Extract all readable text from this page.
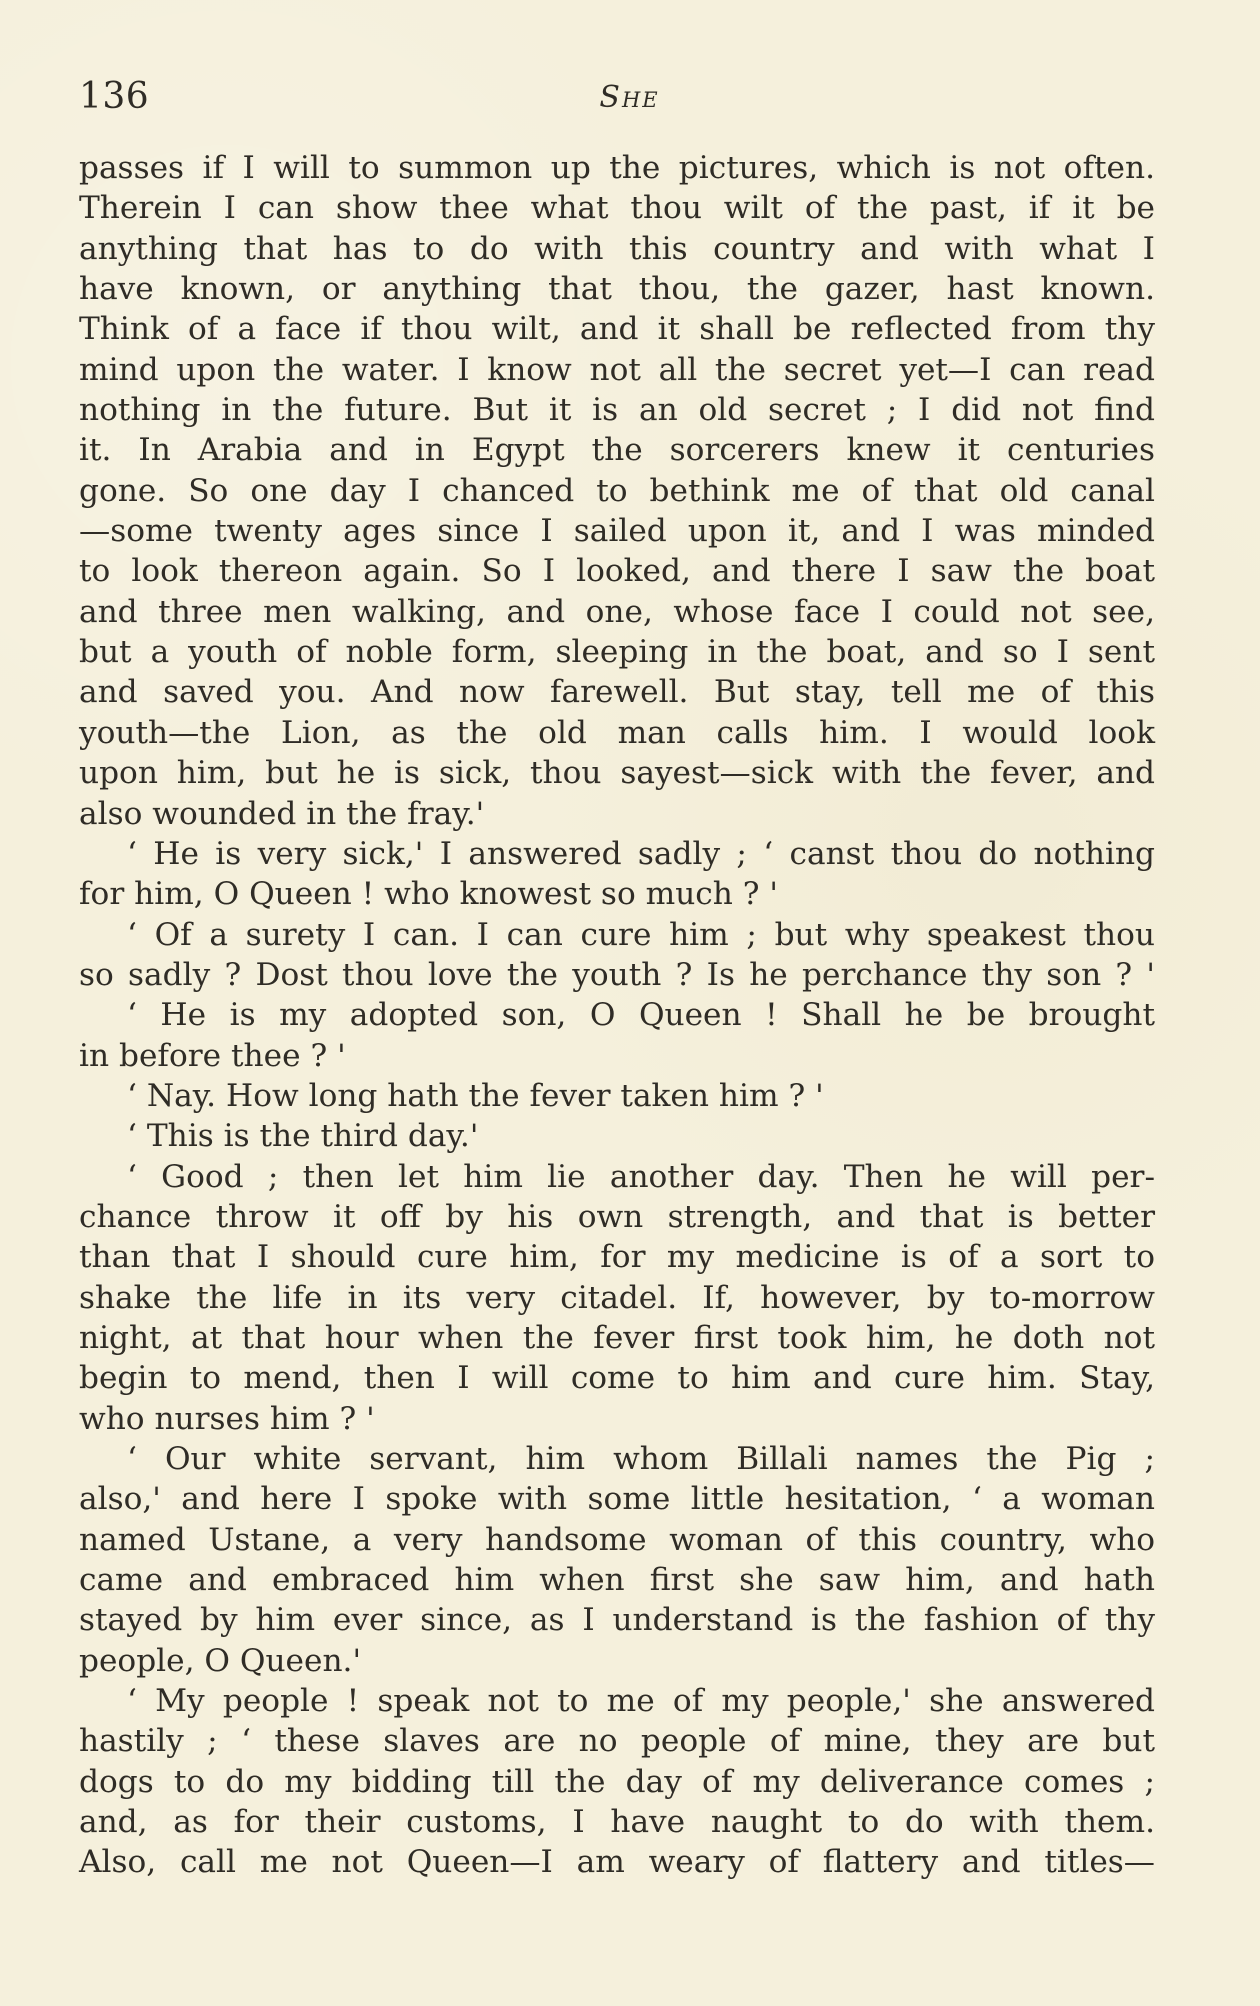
136	She
passes if I will to summon up the pictures, which is not often.
Therein I can show thee what thou wilt of the past, if it be
anything that has to do with this country and with what I
have known, or anything that thou, the gazer, hast known.
Think of a face if thou wilt, and it shall be reflected from thy
mind upon the water. I know not all the secret yet—I can read
nothing in the future. But it is an old secret ; I did not find
it. In Arabia and in Egypt the sorcerers knew it centuries
gone. So one day I chanced to bethink me of that old canal
—some twenty ages since I sailed upon it, and I was minded
to look thereon again. So I looked, and there I saw the boat
and three men walking, and one, whose face I could not see,
but a youth of noble form, sleeping in the boat, and so I sent
and saved you. And now farewell. But stay, tell me of this
youth—the Lion, as the old man calls him. I would look
upon him, but he is sick, thou sayest—sick with the fever, and
also wounded in the fray.'
‘ He is very sick,' I answered sadly ; ‘ canst thou do nothing
for him, O Queen ! who knowest so much ? '
‘ Of a surety I can. I can cure him ; but why speakest thou
so sadly ? Dost thou love the youth ? Is he perchance thy son ? '
‘ He is my adopted son, O Queen ! Shall he be brought
in before thee ? '
‘ Nay. How long hath the fever taken him ? '
‘ This is the third day.'
‘ Good ; then let him lie another day. Then he will per-
chance throw it off by his own strength, and that is better
than that I should cure him, for my medicine is of a sort to
shake the life in its very citadel. If, however, by to-morrow
night, at that hour when the fever first took him, he doth not
begin to mend, then I will come to him and cure him. Stay,
who nurses him ? '
‘ Our white servant, him whom Billali names the Pig ;
also,' and here I spoke with some little hesitation, ‘ a woman
named Ustane, a very handsome woman of this country, who
came and embraced him when first she saw him, and hath
stayed by him ever since, as I understand is the fashion of thy
people, O Queen.'
‘ My people ! speak not to me of my people,' she answered
hastily ; ‘ these slaves are no people of mine, they are but
dogs to do my bidding till the day of my deliverance comes ;
and, as for their customs, I have naught to do with them.
Also, call me not Queen—I am weary of flattery and titles—
